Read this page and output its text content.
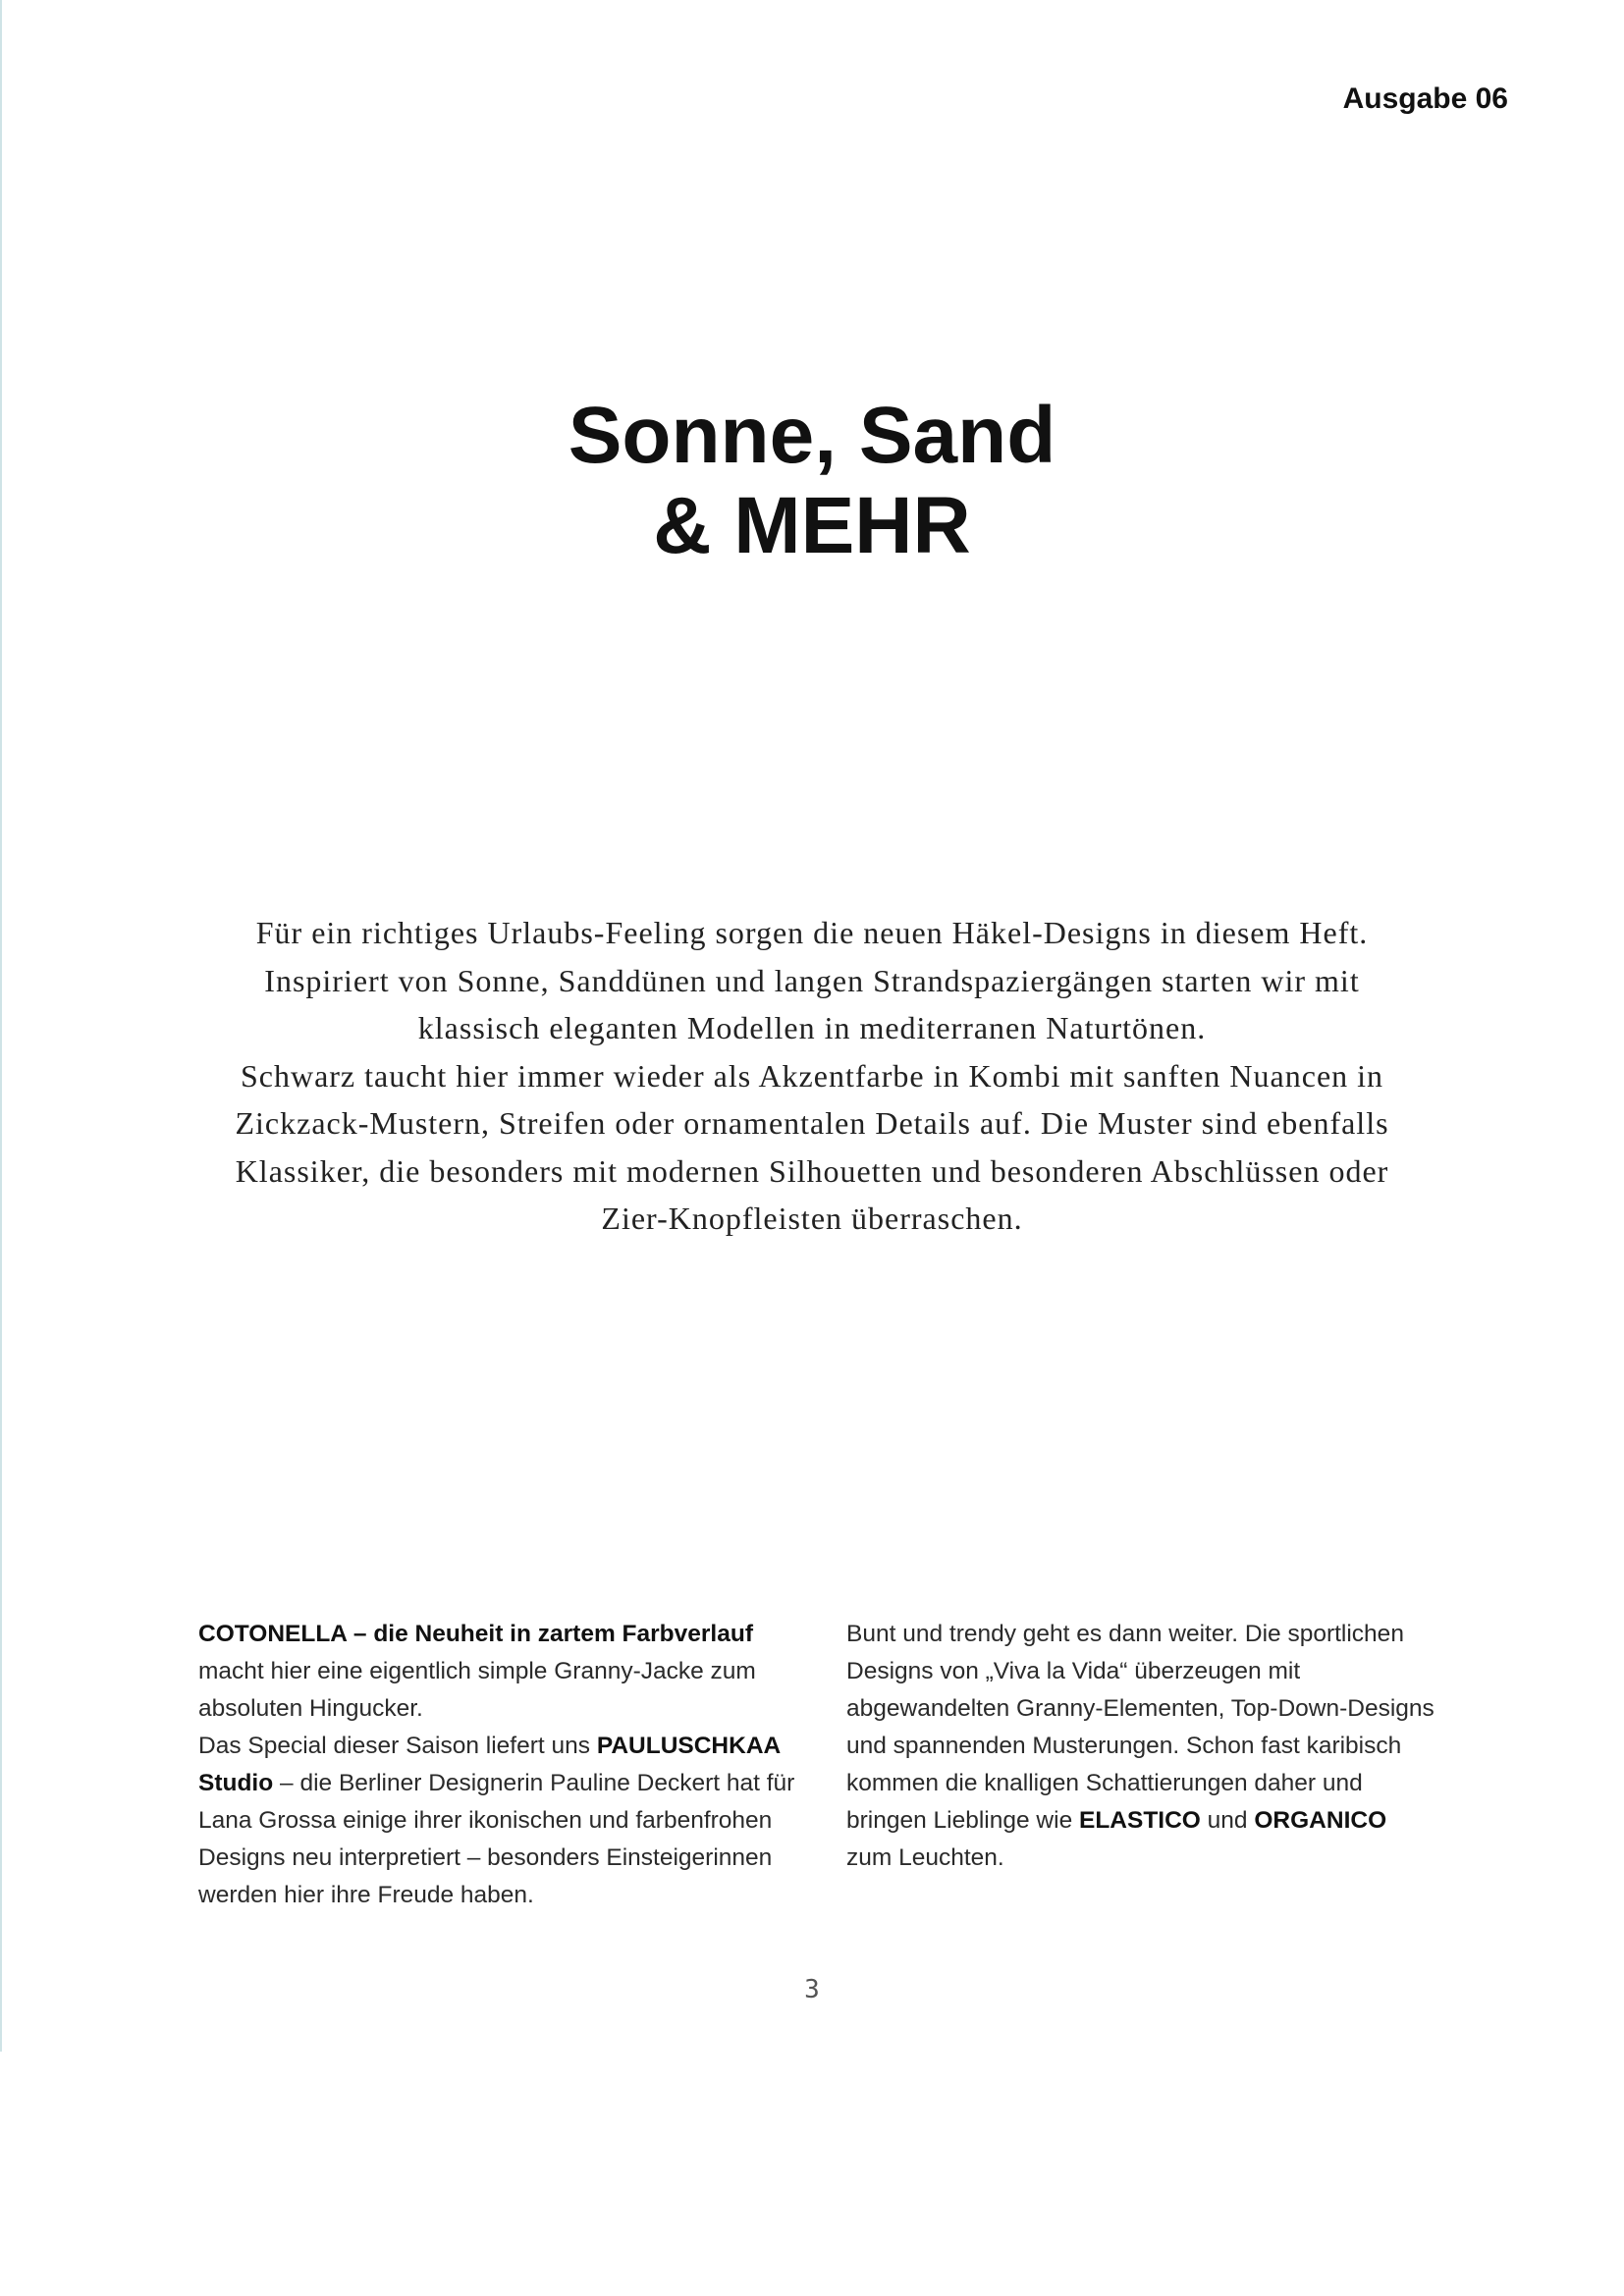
Ausgabe 06
Sonne, Sand
& MEHR
Für ein richtiges Urlaubs-Feeling sorgen die neuen Häkel-Designs in diesem Heft.
Inspiriert von Sonne, Sanddünen und langen Strandspaziergängen starten wir mit
klassisch eleganten Modellen in mediterranen Naturtönen.
Schwarz taucht hier immer wieder als Akzentfarbe in Kombi mit sanften Nuancen in
Zickzack-Mustern, Streifen oder ornamentalen Details auf. Die Muster sind ebenfalls
Klassiker, die besonders mit modernen Silhouetten und besonderen Abschlüssen oder
Zier-Knopfleisten überraschen.
COTONELLA – die Neuheit in zartem Farbverlauf
macht hier eine eigentlich simple Granny-Jacke zum
absoluten Hingucker.
Das Special dieser Saison liefert uns PAULUSCHKAA
Studio – die Berliner Designerin Pauline Deckert hat für
Lana Grossa einige ihrer ikonischen und farbenfrohen
Designs neu interpretiert – besonders Einsteigerinnen
werden hier ihre Freude haben.
Bunt und trendy geht es dann weiter. Die sportlichen
Designs von „Viva la Vida“ überzeugen mit
abgewandelten Granny-Elementen, Top-Down-Designs
und spannenden Musterungen. Schon fast karibisch
kommen die knalligen Schattierungen daher und
bringen Lieblinge wie ELASTICO und ORGANICO
zum Leuchten.
3
